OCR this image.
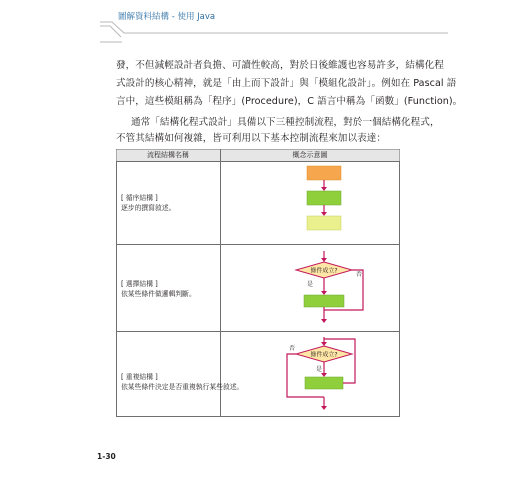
圖解資料結構 - 使用 Java
發，不但減輕設計者負擔、可讀性較高，對於日後維護也容易許多，結構化程
式設計的核心精神，就是「由上而下設計」與「模組化設計」。例如在 Pascal 語
言中，這些模組稱為「程序」(Procedure)，C 語言中稱為「函數」(Function)。
通常「結構化程式設計」具備以下三種控制流程，對於一個結構化程式，
不管其結構如何複雜，皆可利用以下基本控制流程來加以表達：
流程結構名稱	概念示意圖
[ 循序結構 ]
逐步的撰寫敘述。
[ 選擇結構 ]
依某些條件做邏輯判斷。
[ 重複結構 ]
依某些條件決定是否重複執行某些敘述。
條件成立?	否
是
條件成立?
否
是
1-30
